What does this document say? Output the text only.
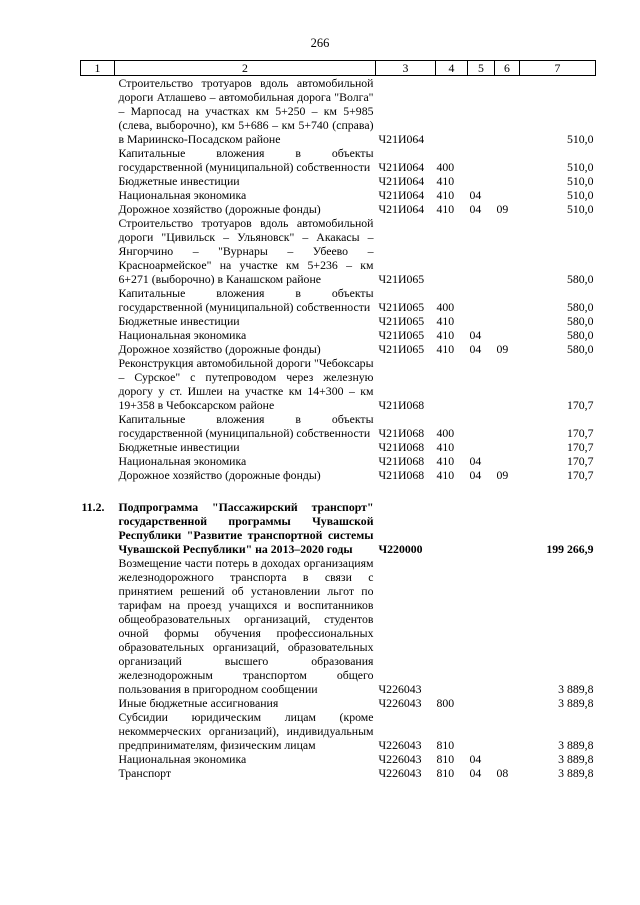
266
1	2	3	4	5	6	7
	Строительство тротуаров вдоль автомобильной дороги Атлашево – автомобильная дорога "Волга" – Марпосад на участках км 5+250 – км 5+985 (слева, выборочно), км 5+686 – км 5+740 (справа) в Мариинско-Посадском районе	Ч21И064				510,0
	Капитальные вложения в объекты государственной (муниципальной) собственности	Ч21И064	400			510,0
	Бюджетные инвестиции	Ч21И064	410			510,0
	Национальная экономика	Ч21И064	410	04		510,0
	Дорожное хозяйство (дорожные фонды)	Ч21И064	410	04	09	510,0
	Строительство тротуаров вдоль автомобильной дороги "Цивильск – Ульяновск" – Акакасы – Янгорчино – "Вурнары – Убеево – Красноармейское" на участке км 5+236 – км 6+271 (выборочно) в Канашском районе	Ч21И065				580,0
	Капитальные вложения в объекты государственной (муниципальной) собственности	Ч21И065	400			580,0
	Бюджетные инвестиции	Ч21И065	410			580,0
	Национальная экономика	Ч21И065	410	04		580,0
	Дорожное хозяйство (дорожные фонды)	Ч21И065	410	04	09	580,0
	Реконструкция автомобильной дороги "Чебоксары – Сурское" с путепроводом через железную дорогу у ст. Ишлеи на участке км 14+300 – км 19+358 в Чебоксарском районе	Ч21И068				170,7
	Капитальные вложения в объекты государственной (муниципальной) собственности	Ч21И068	400			170,7
	Бюджетные инвестиции	Ч21И068	410			170,7
	Национальная экономика	Ч21И068	410	04		170,7
	Дорожное хозяйство (дорожные фонды)	Ч21И068	410	04	09	170,7

11.2.	Подпрограмма "Пассажирский транспорт" государственной программы Чувашской Республики "Развитие транспортной системы Чувашской Республики" на 2013–2020 годы	Ч220000				199 266,9
	Возмещение части потерь в доходах организациям железнодорожного транспорта в связи с принятием решений об установлении льгот по тарифам на проезд учащихся и воспитанников общеобразовательных организаций, студентов очной формы обучения профессиональных образовательных организаций, образовательных организаций высшего образования железнодорожным транспортом общего пользования в пригородном сообщении	Ч226043				3 889,8
	Иные бюджетные ассигнования	Ч226043	800			3 889,8
	Субсидии юридическим лицам (кроме некоммерческих организаций), индивидуальным предпринимателям, физическим лицам	Ч226043	810			3 889,8
	Национальная экономика	Ч226043	810	04		3 889,8
	Транспорт	Ч226043	810	04	08	3 889,8
